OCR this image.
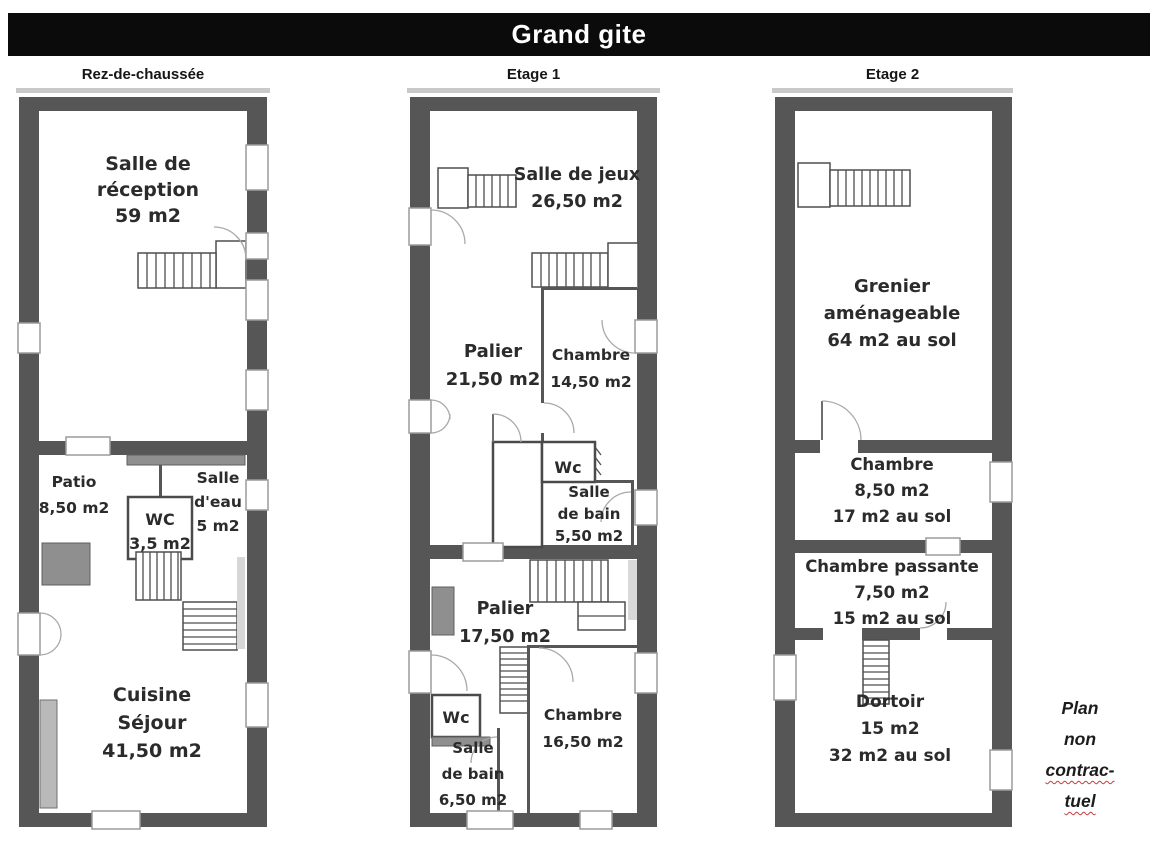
Grand gite
Rez-de-chaussée	Etage 1	Etage 2
Salle de
réception
59 m2
Patio
8,50 m2
WC
3,5 m2
Salle
d'eau
5 m2
Cuisine
Séjour
41,50 m2
Salle de jeux
26,50 m2
Palier
21,50 m2
Chambre
14,50 m2
Wc
Salle
de bain
5,50 m2
Palier
17,50 m2
Wc
Salle
de bain
6,50 m2
Chambre
16,50 m2
Grenier
aménageable
64 m2 au sol
Chambre
8,50 m2
17 m2 au sol
Chambre passante
7,50 m2
15 m2 au sol
Dortoir
15 m2
32 m2 au sol
Plan
non
contrac-
tuel
